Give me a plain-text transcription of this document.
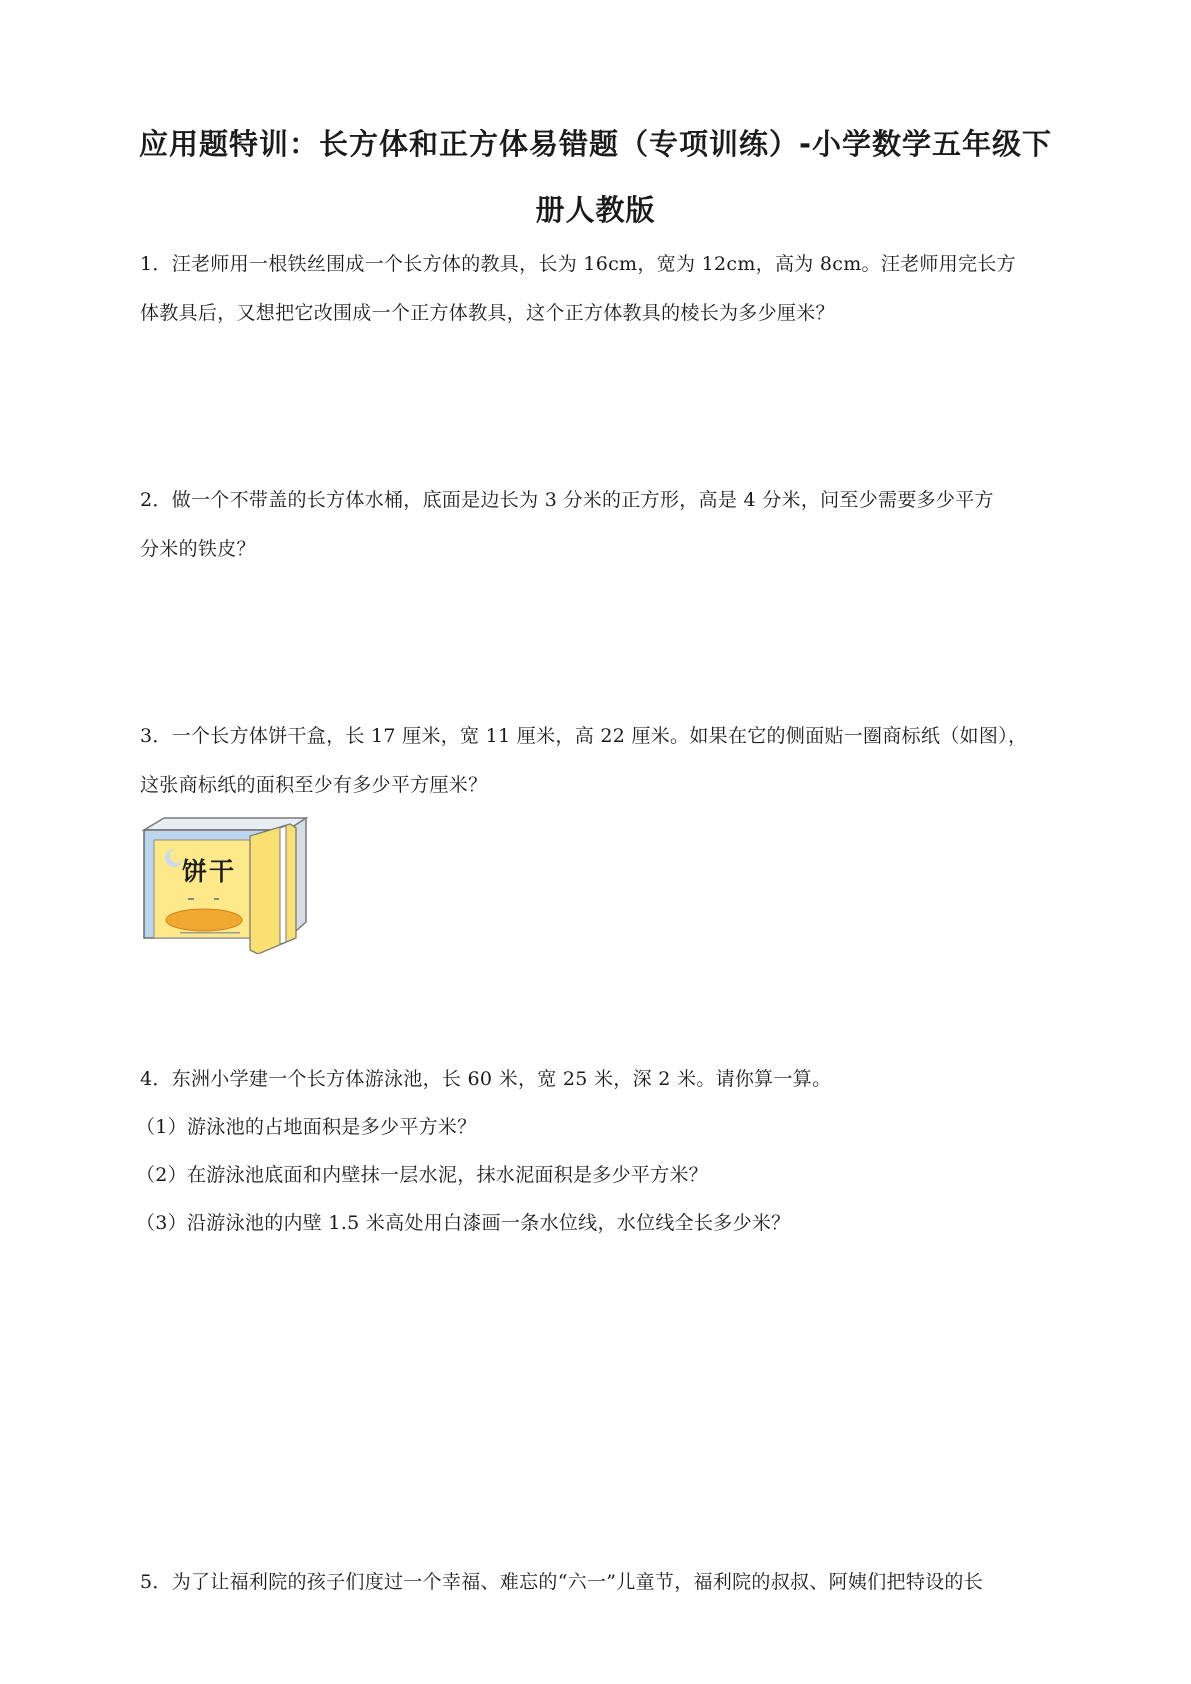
应用题特训：长方体和正方体易错题（专项训练）-小学数学五年级下
册人教版
1．汪老师用一根铁丝围成一个长方体的教具，长为 16cm，宽为 12cm，高为 8cm。汪老师用完长方
体教具后，又想把它改围成一个正方体教具，这个正方体教具的棱长为多少厘米？
2．做一个不带盖的长方体水桶，底面是边长为 3 分米的正方形，高是 4 分米，问至少需要多少平方
分米的铁皮？
3．一个长方体饼干盒，长 17 厘米，宽 11 厘米，高 22 厘米。如果在它的侧面贴一圈商标纸（如图），
这张商标纸的面积至少有多少平方厘米？
饼干
4．东洲小学建一个长方体游泳池，长 60 米，宽 25 米，深 2 米。请你算一算。
（1）游泳池的占地面积是多少平方米？
（2）在游泳池底面和内壁抹一层水泥，抹水泥面积是多少平方米？
（3）沿游泳池的内壁 1.5 米高处用白漆画一条水位线，水位线全长多少米？
5．为了让福利院的孩子们度过一个幸福、难忘的“六一”儿童节，福利院的叔叔、阿姨们把特设的长
